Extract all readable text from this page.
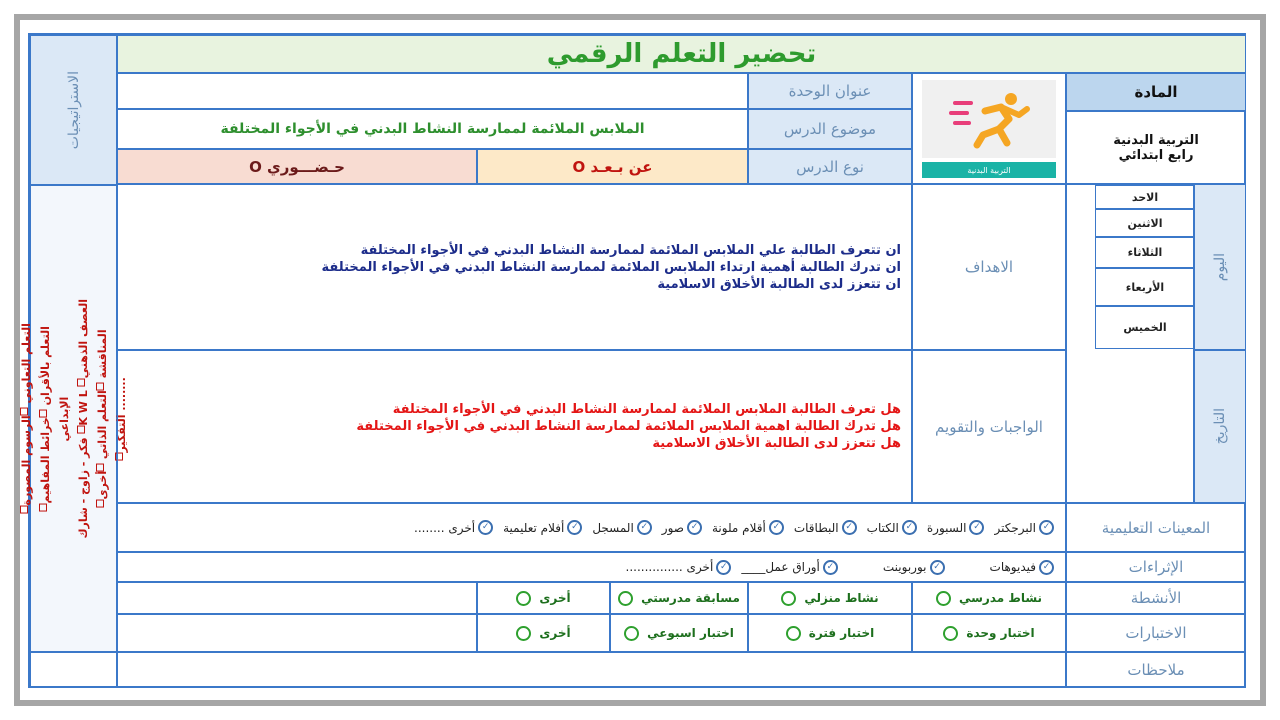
الاستراتيجيات
التعلم التعاوني الرسوم المصورة
التعلم بالأقران خرائط المفاهيم الإبداعي
فكر - زاوج - شارك K W L العصف الذهني المناقشة التعلم الذاتي أخرى
التفكير ........
تحضير التعلم الرقمي
المادة
التربية البدنية
رابع ابتدائي
التربية البدنية
عنوان الوحدة
موضوع الدرس
الملابس الملائمة لممارسة النشاط البدني في الأجواء المختلفة
نوع الدرس
عن بـعـد O
حـضـــوري O
اليوم
التاريخ
الاحد
الاثنين
الثلاثاء
الأربعاء
الخميس
الاهداف
ان تتعرف الطالبة علي الملابس الملائمة لممارسة النشاط البدني في الأجواء المختلفة
ان تدرك الطالبة أهمية ارتداء الملابس الملائمة لممارسة النشاط البدني في الأجواء المختلفة
ان تتعزز لدى الطالبة الأخلاق الاسلامية
الواجبات والتقويم
هل تعرف الطالبة الملابس الملائمة لممارسة النشاط البدني في الأجواء المختلفة
هل تدرك الطالبة اهمية الملابس الملائمة لممارسة النشاط البدني في الأجواء المختلفة
هل تتعزز لدى الطالبة الأخلاق الاسلامية
المعينات التعليمية
✓
البرجكتر
✓
السبورة
✓
الكتاب
✓
البطاقات
✓
أقلام ملونة
✓
صور
✓
المسجل
✓
أفلام تعليمية
✓
أخرى ........
الإثراءات
✓
فيديوهات
✓
بوربوينت
✓
أوراق عمل____
✓
أخرى ...............
الأنشطة
نشاط مدرسي
نشاط منزلي
مسابقة مدرستي
أخرى
الاختبارات
اختبار وحدة
اختبار فترة
اختبار اسبوعي
أخرى
ملاحظات
